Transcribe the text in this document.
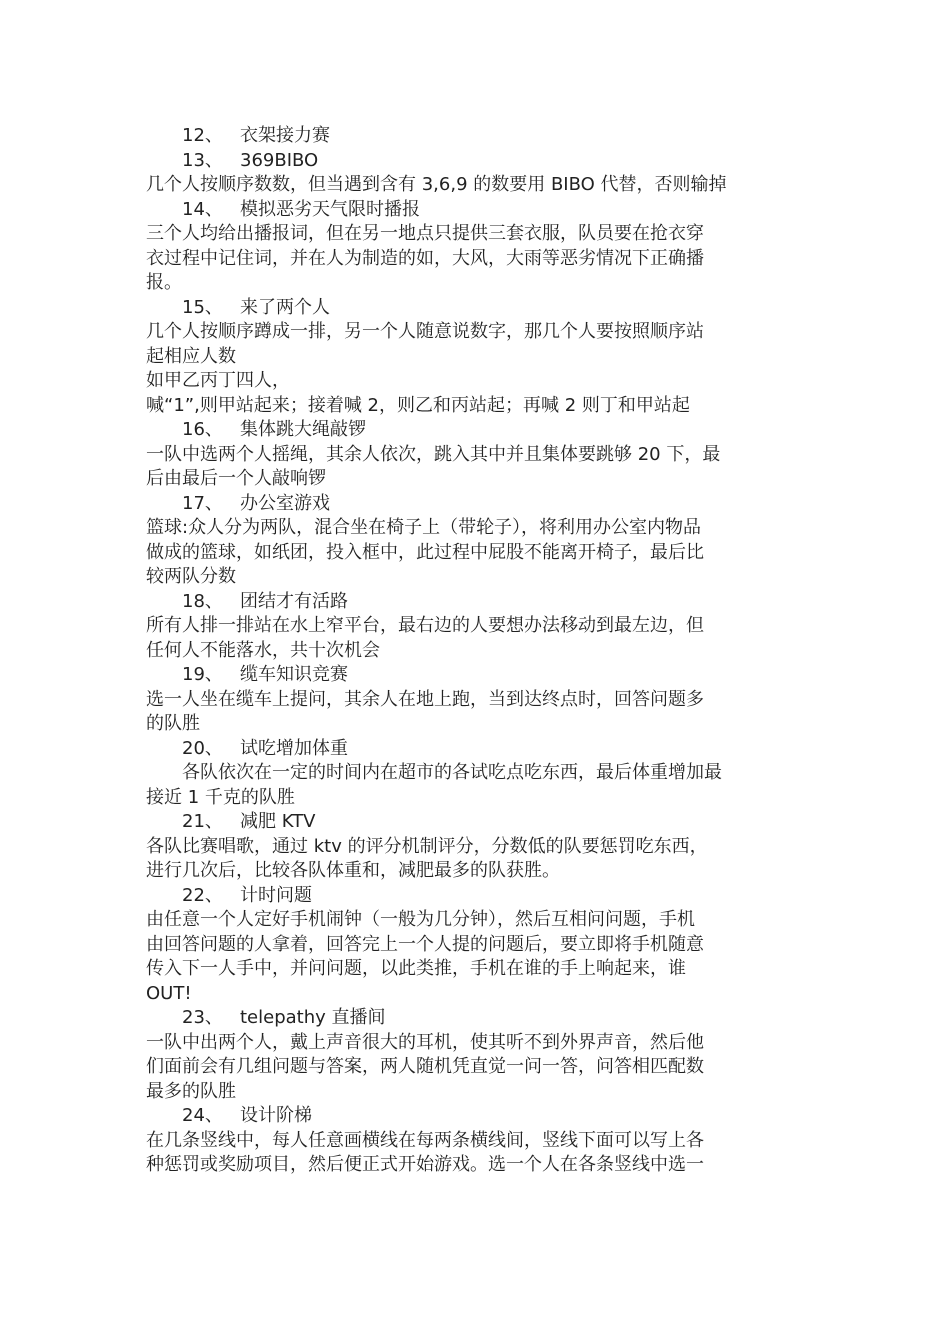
12、 衣架接力赛

13、 369BIBO

几个人按顺序数数，但当遇到含有 3,6,9 的数要用 BIBO 代替，否则输掉

14、 模拟恶劣天气限时播报

三个人均给出播报词，但在另一地点只提供三套衣服，队员要在抢衣穿

衣过程中记住词，并在人为制造的如，大风，大雨等恶劣情况下正确播

报。

15、 来了两个人

几个人按顺序蹲成一排，另一个人随意说数字，那几个人要按照顺序站

起相应人数

如甲乙丙丁四人，

喊“1”,则甲站起来；接着喊 2，则乙和丙站起；再喊 2 则丁和甲站起

16、 集体跳大绳敲锣

一队中选两个人摇绳，其余人依次，跳入其中并且集体要跳够 20 下，最

后由最后一个人敲响锣

17、 办公室游戏

篮球:众人分为两队，混合坐在椅子上（带轮子），将利用办公室内物品

做成的篮球，如纸团，投入框中，此过程中屁股不能离开椅子，最后比

较两队分数

18、 团结才有活路

所有人排一排站在水上窄平台，最右边的人要想办法移动到最左边，但

任何人不能落水，共十次机会

19、 缆车知识竞赛

选一人坐在缆车上提问，其余人在地上跑，当到达终点时，回答问题多

的队胜

20、 试吃增加体重

各队依次在一定的时间内在超市的各试吃点吃东西，最后体重增加最

接近 1 千克的队胜

21、 减肥 KTV

各队比赛唱歌，通过 ktv 的评分机制评分，分数低的队要惩罚吃东西，

进行几次后，比较各队体重和，减肥最多的队获胜。

22、 计时问题

由任意一个人定好手机闹钟（一般为几分钟），然后互相问问题，手机

由回答问题的人拿着，回答完上一个人提的问题后，要立即将手机随意

传入下一人手中，并问问题，以此类推，手机在谁的手上响起来，谁

OUT!

23、 telepathy 直播间

一队中出两个人，戴上声音很大的耳机，使其听不到外界声音，然后他

们面前会有几组问题与答案，两人随机凭直觉一问一答，问答相匹配数

最多的队胜

24、 设计阶梯

在几条竖线中，每人任意画横线在每两条横线间，竖线下面可以写上各

种惩罚或奖励项目，然后便正式开始游戏。选一个人在各条竖线中选一
